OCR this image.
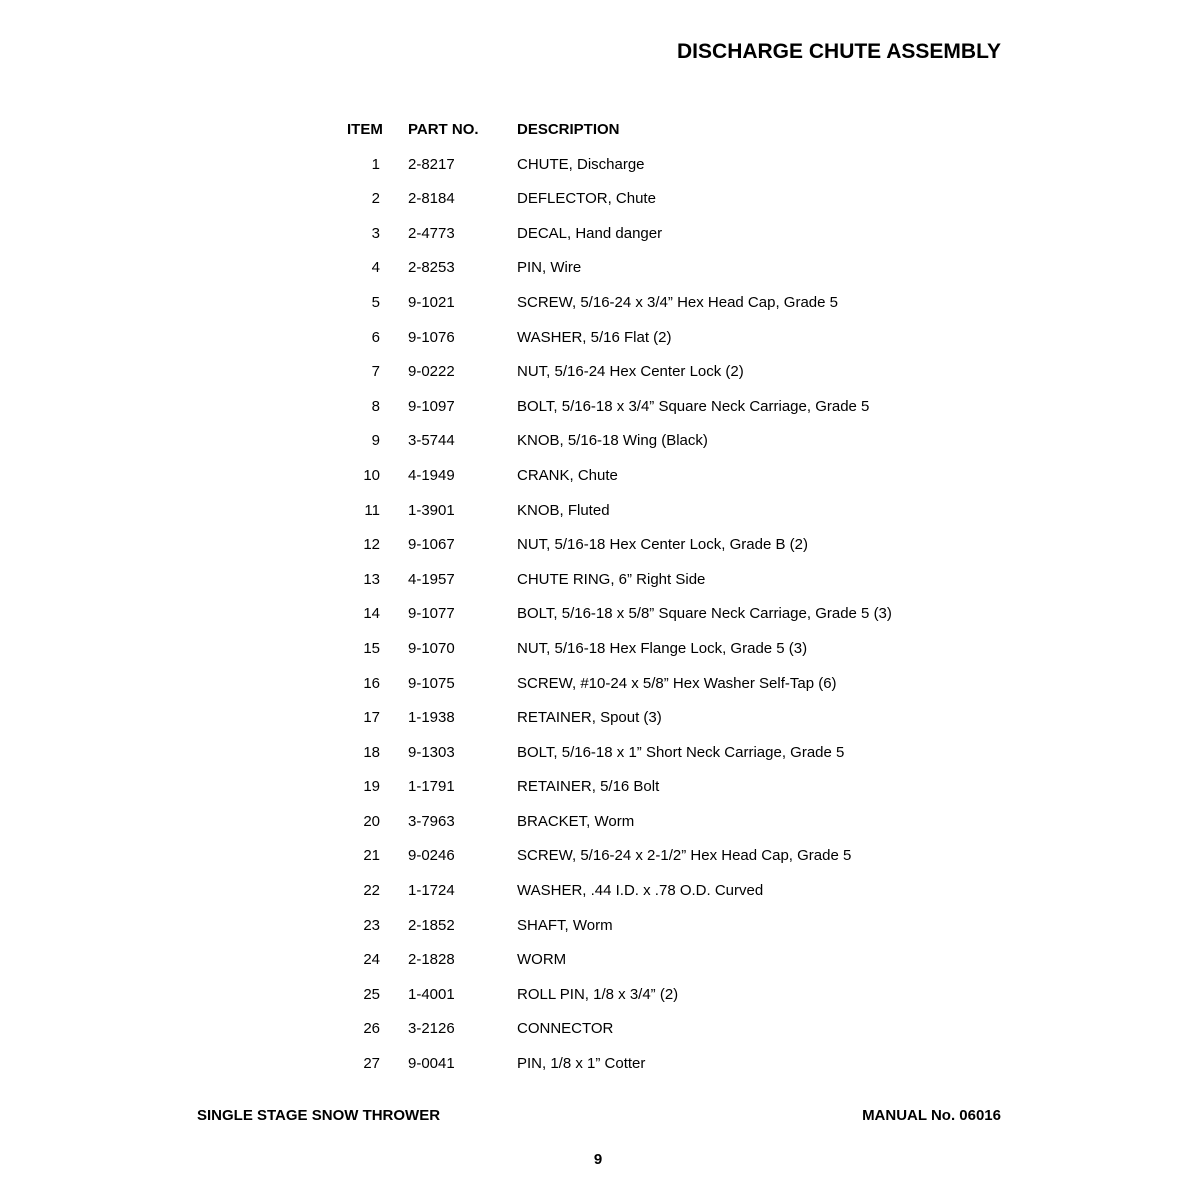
DISCHARGE CHUTE ASSEMBLY
ITEM	PART NO.	DESCRIPTION
1 2-8217	CHUTE, Discharge
2 2-8184	DEFLECTOR, Chute
3 2-4773	DECAL, Hand danger
4 2-8253	PIN, Wire
5 9-1021	SCREW, 5/16-24 x 3/4” Hex Head Cap, Grade 5
6 9-1076	WASHER, 5/16 Flat (2)
7 9-0222	NUT, 5/16-24 Hex Center Lock (2)
8 9-1097	BOLT, 5/16-18 x 3/4” Square Neck Carriage, Grade 5
9 3-5744	KNOB, 5/16-18 Wing (Black)
10 4-1949	CRANK, Chute
11 1-3901	KNOB, Fluted
12 9-1067	NUT, 5/16-18 Hex Center Lock, Grade B (2)
13 4-1957	CHUTE RING, 6” Right Side
14 9-1077	BOLT, 5/16-18 x 5/8” Square Neck Carriage, Grade 5 (3)
15 9-1070	NUT, 5/16-18 Hex Flange Lock, Grade 5 (3)
16 9-1075	SCREW, #10-24 x 5/8” Hex Washer Self-Tap (6)
17 1-1938	RETAINER, Spout (3)
18 9-1303	BOLT, 5/16-18 x 1” Short Neck Carriage, Grade 5
19 1-1791	RETAINER, 5/16 Bolt
20 3-7963	BRACKET, Worm
21 9-0246	SCREW, 5/16-24 x 2-1/2” Hex Head Cap, Grade 5
22 1-1724	WASHER, .44 I.D. x .78 O.D. Curved
23 2-1852	SHAFT, Worm
24 2-1828	WORM
25 1-4001	ROLL PIN, 1/8 x 3/4” (2)
26 3-2126	CONNECTOR
27 9-0041	PIN, 1/8 x 1” Cotter
SINGLE STAGE SNOW THROWER	MANUAL No. 06016
9
